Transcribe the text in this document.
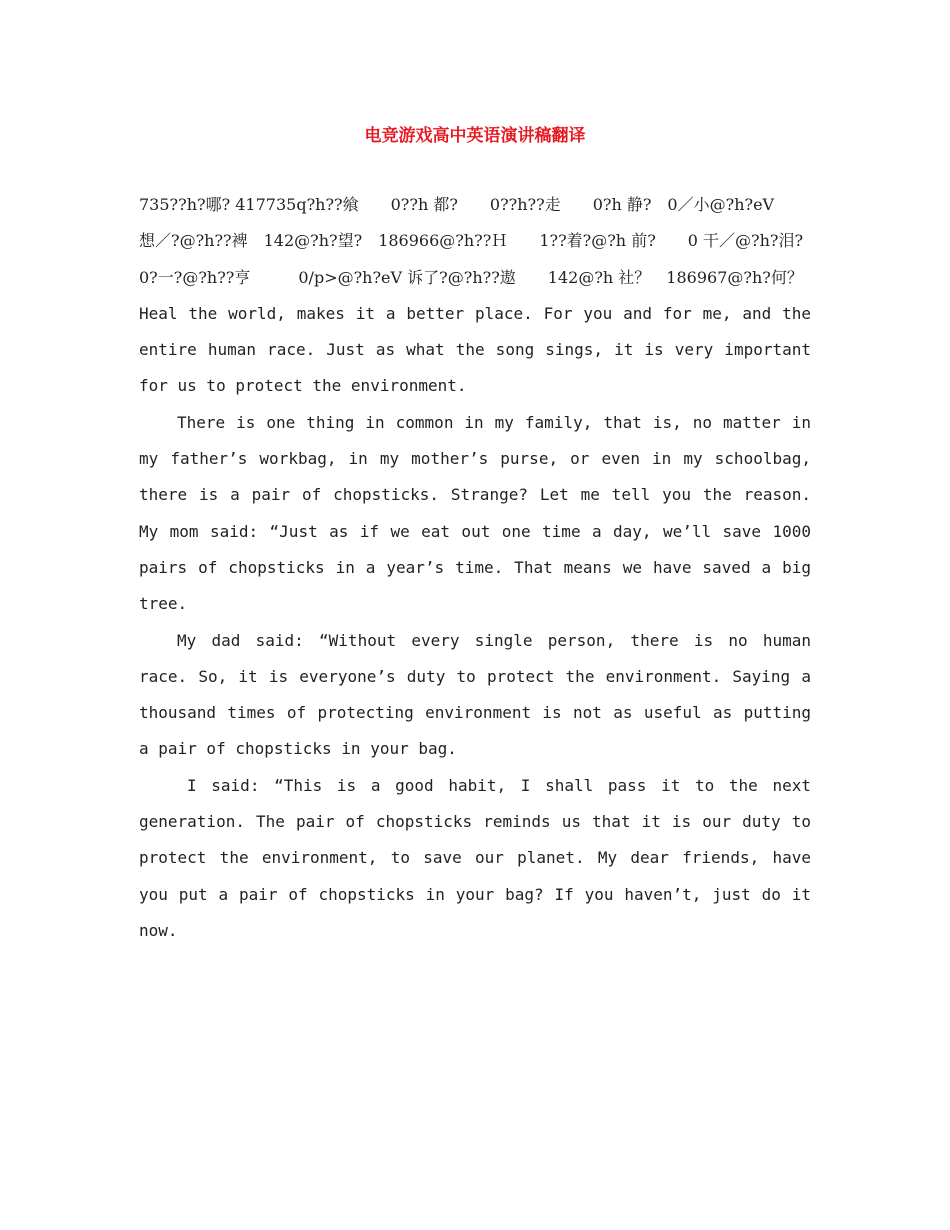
电竞游戏高中英语演讲稿翻译
735??h?哪? 417735q?h??飨　　0??h 都?　　0??h??走　　0?h 静?　0／小@?h?eV
想／?@?h??裨　142@?h?望?　186966@?h??Ｈ　　1??着?@?h 前?　　0 干／@?h?泪?
0?一?@?h??亨　　　0/p>@?h?eV 诉了?@?h??遨　　142@?h 社？　186967@?h?何？

Heal the world, makes it a better place. For you and for me, and the entire human race. Just as what the song sings, it is very important for us to protect the environment.

There is one thing in common in my family, that is, no matter in my father’s workbag, in my mother’s purse, or even in my schoolbag, there is a pair of chopsticks. Strange? Let me tell you the reason. My mom said: “Just as if we eat out one time a day, we’ll save 1000 pairs of chopsticks in a year’s time. That means we have saved a big tree.

My dad said: “Without every single person, there is no human race. So, it is everyone’s duty to protect the environment. Saying a thousand times of protecting environment is not as useful as putting a pair of chopsticks in your bag.

I said: “This is a good habit, I shall pass it to the next generation. The pair of chopsticks reminds us that it is our duty to protect the environment, to save our planet. My dear friends, have you put a pair of chopsticks in your bag? If you haven’t, just do it now.
